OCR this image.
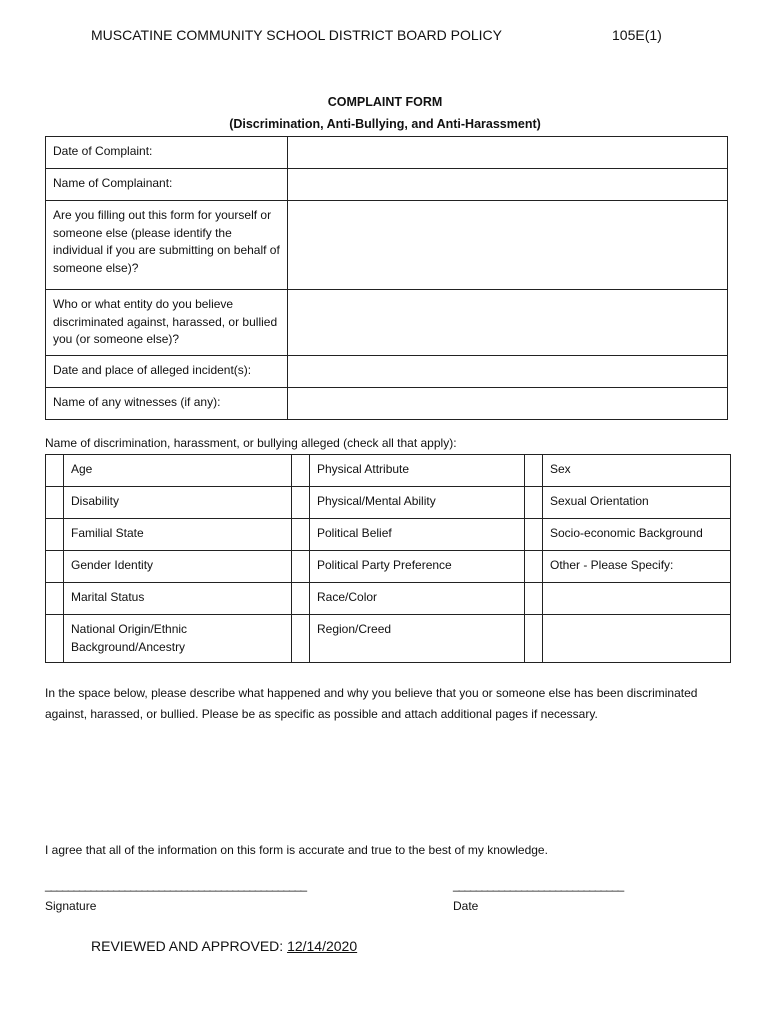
MUSCATINE COMMUNITY SCHOOL DISTRICT BOARD POLICY	105E(1)
COMPLAINT FORM
(Discrimination, Anti-Bullying, and Anti-Harassment)
Date of Complaint:	
Name of Complainant:	
Are you filling out this form for yourself or someone else (please identify the individual if you are submitting on behalf of someone else)?	
Who or what entity do you believe discriminated against, harassed, or bullied you (or someone else)?	
Date and place of alleged incident(s):	
Name of any witnesses (if any):	
Name of discrimination, harassment, or bullying alleged (check all that apply):
	Age		Physical Attribute		Sex
	Disability		Physical/Mental Ability		Sexual Orientation
	Familial State		Political Belief		Socio-economic Background
	Gender Identity		Political Party Preference		Other - Please Specify:
	Marital Status		Race/Color		
	National Origin/Ethnic Background/Ancestry		Region/Creed		
In the space below, please describe what happened and why you believe that you or someone else has been discriminated against, harassed, or bullied. Please be as specific as possible and attach additional pages if necessary.
I agree that all of the information on this form is accurate and true to the best of my knowledge.
______________________________________________	______________________________
Signature	Date
REVIEWED AND APPROVED: 12/14/2020
